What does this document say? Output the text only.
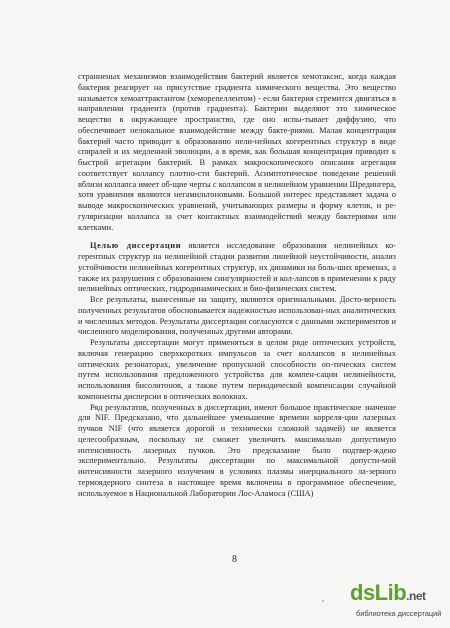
странненых механизмов взаимодействия бактерий является хемотаксис, когда каждая бактерия реагирует на присутствие градиента химического вещества. Это вещество называется хемоаттрактантом (хеморепеллентом) - если бактерия стремится двигаться в направлении градиента (против градиента). Бактерии выделяют это химическое вещество в окружающее пространство, где оно испы-тывает диффузию, что обеспечивает нелокальное взаимодействие между бакте-риями. Малая концентрация бактерий часто приводит к образованию нели-нейных когерентных структур в виде спиралей и их медленной эволюции, а в время, как большая концентрация приводит к быстрой агрегации бактерий. В рамках макроскопического описания агрегация соответствует коллапсу плотно-сти бактерий. Асимптотическое поведение решений вблизи коллапса имеет об-щие черты с коллапсом в нелинейном уравнении Шредингера, хотя уравнения являются негамильтоновыми. Большой интерес представляет задача о выводе макроскопических уравнений, учитывающих размеры и форму клеток, и ре-гуляризации коллапса за счет контактных взаимодействий между бактериями или клетками.

Целью диссертации является исследование образования нелинейных ко-герентных структур на нелинейной стадии развития линейной неустойчивости, анализ устойчивости нелинейных когерентных структур, их динамики на боль-ших временах, а также их разрушения с образованием сингулярностей и кол-лапсов в применении к ряду нелинейных оптических, гидродинамических и био-физических систем.

Все результаты, вынесенные на защиту, являются оригинальными. Досто-верность полученных результатов обосновывается надежностью использован-ных аналитических и численных методов. Результаты диссертации согласуются с данными экспериментов и численного моделирования, полученных другими авторами.

Результаты диссертации могут применяться в целом ряде оптических устройств, включая генерацию сверхкоротких импульсов за счет коллапсов в нелинейных оптических резонаторах, увеличение пропускной способности оп-тических систем путем использования предложенного устройства для компен-сации нелинейности, использования бисолитонов, а также путем периодической компенсации случайной компоненты дисперсии в оптических волокнах.

Ряд результатов, полученных в диссертации, имеют большое практическое значение для NIF. Предсказано, что дальнейшее уменьшение времени корреля-ции лазерных пучков NIF (что является дорогой и технически сложной задачей) не является целесообразным, поскольку не сможет увеличить максимально допустимую интенсивность лазерных пучков. Это предсказание было подтвер-ждено экспериментально. Результаты диссертации по максимальной допусти-мой интенсивности лазерного излучения в условиях плазмы инерциального ла-зерного термоядерного синтеза в настоящее время включены в программное обеспечение, используемое в Национальной Лаборатории Лос-Аламоса (США)

8
dsLib.net
библиотека диссертаций
